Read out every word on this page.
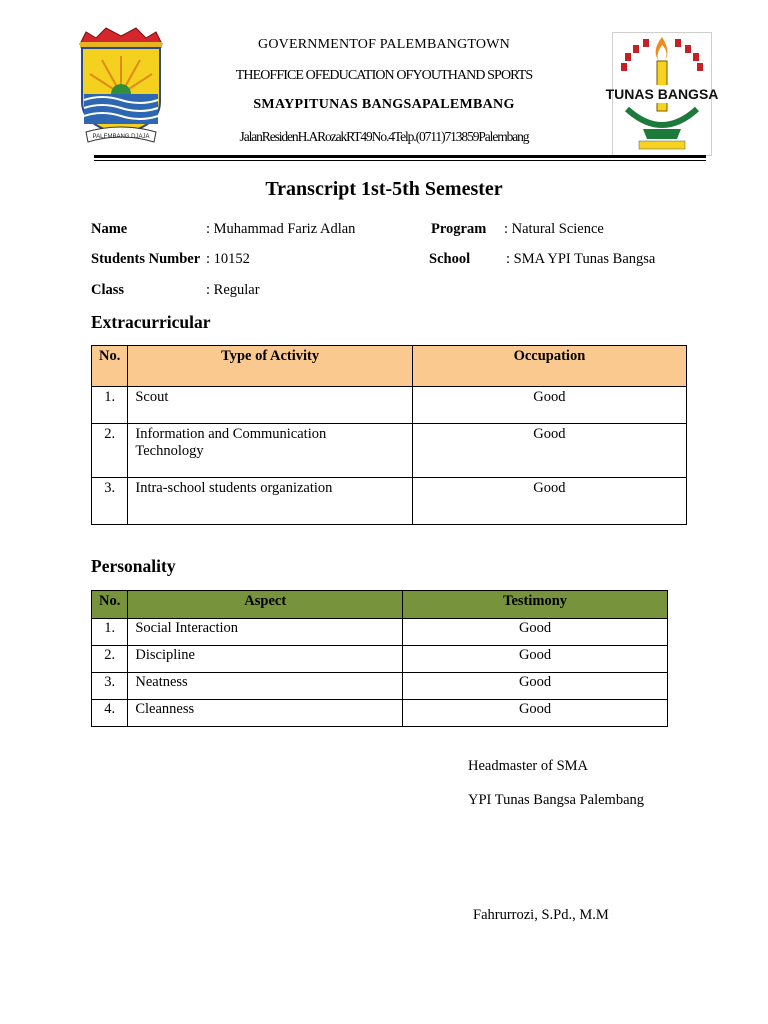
PALEMBANG DJAJA
TUNAS BANGSA
GOVERNMENTOF PALEMBANGTOWN
THEOFFICE OFEDUCATION OFYOUTHAND SPORTS
SMAYPITUNAS BANGSAPALEMBANG
JalanResidenH.ARozakRT49No.4Telp.(0711)713859Palembang
Transcript 1st-5th Semester
Name	: Muhammad Fariz Adlan
Students Number : 10152
Class	: Regular
Program : Natural Science
School : SMA YPI Tunas Bangsa
Extracurricular
No.	Type of Activity	Occupation
1.	Scout	Good
2.	Information and Communication Technology	Good
3.	Intra-school students organization	Good
Personality
No.	Aspect	Testimony
1.	Social Interaction	Good
2.	Discipline	Good
3.	Neatness	Good
4.	Cleanness	Good
Headmaster of SMA
YPI Tunas Bangsa Palembang
Fahrurrozi, S.Pd., M.M
